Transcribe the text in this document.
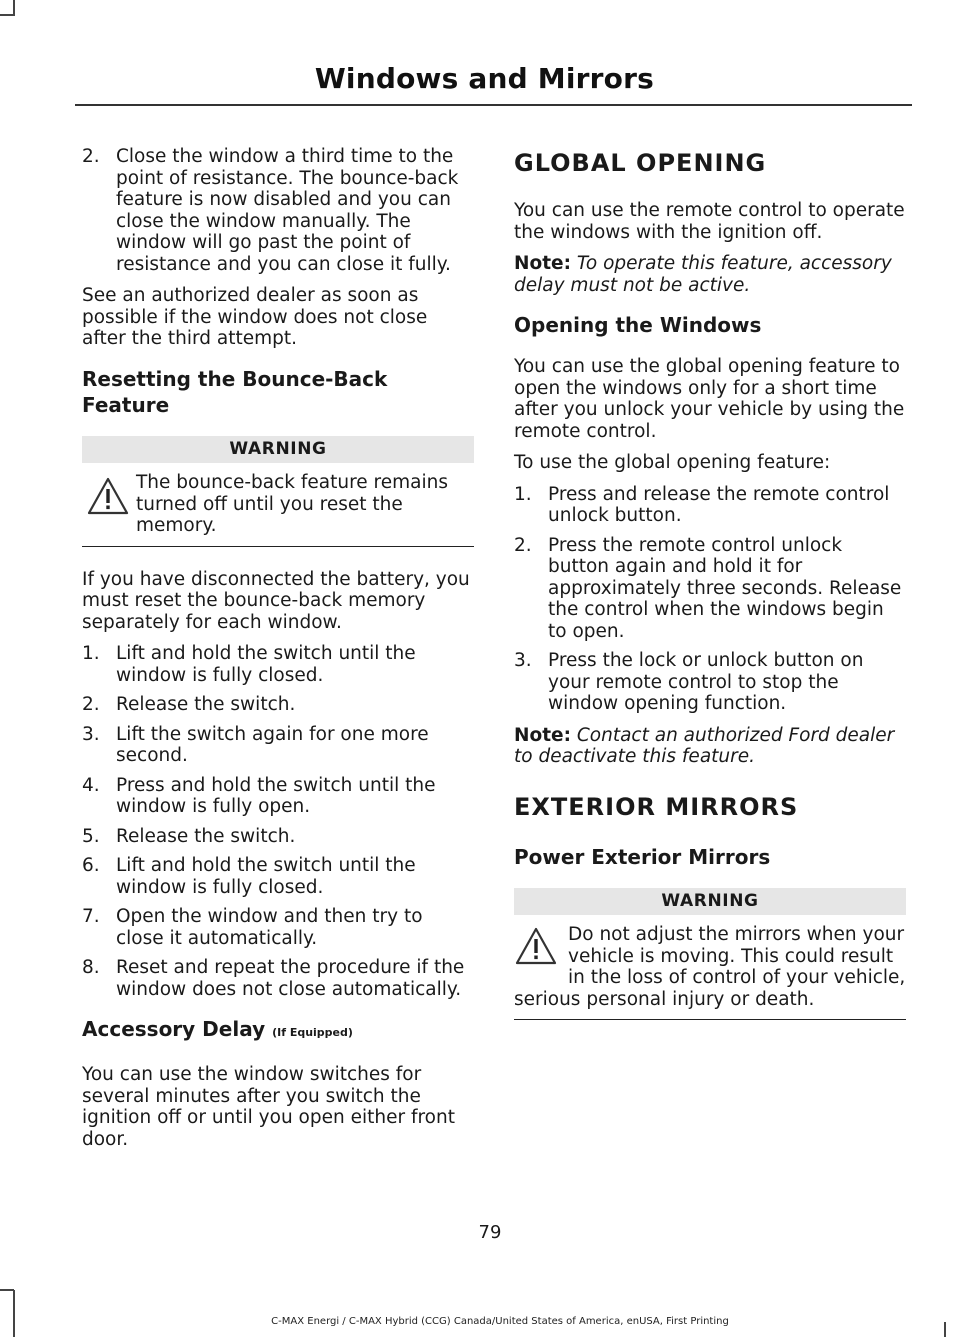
Windows and Mirrors
2. Close the window a third time to the point of resistance. The bounce-back feature is now disabled and you can close the window manually. The window will go past the point of resistance and you can close it fully.

See an authorized dealer as soon as possible if the window does not close after the third attempt.

Resetting the Bounce-Back Feature
WARNING
The bounce-back feature remains turned off until you reset the memory.

If you have disconnected the battery, you must reset the bounce-back memory separately for each window.

1. Lift and hold the switch until the window is fully closed.
2. Release the switch.
3. Lift the switch again for one more second.
4. Press and hold the switch until the window is fully open.
5. Release the switch.
6. Lift and hold the switch until the window is fully closed.
7. Open the window and then try to close it automatically.
8. Reset and repeat the procedure if the window does not close automatically.
Accessory Delay (If Equipped)

You can use the window switches for several minutes after you switch the ignition off or until you open either front door.

GLOBAL OPENING

You can use the remote control to operate the windows with the ignition off.

Note: To operate this feature, accessory delay must not be active.

Opening the Windows

You can use the global opening feature to open the windows only for a short time after you unlock your vehicle by using the remote control.

To use the global opening feature:

1. Press and release the remote control unlock button.
2. Press the remote control unlock button again and hold it for approximately three seconds. Release the control when the windows begin to open.
3. Press the lock or unlock button on your remote control to stop the window opening function.

Note: Contact an authorized Ford dealer to deactivate this feature.

EXTERIOR MIRRORS
Power Exterior Mirrors
WARNING
Do not adjust the mirrors when your vehicle is moving. This could result in the loss of control of your vehicle, serious personal injury or death.
79
C-MAX Energi / C-MAX Hybrid (CCG) Canada/United States of America, enUSA, First Printing
